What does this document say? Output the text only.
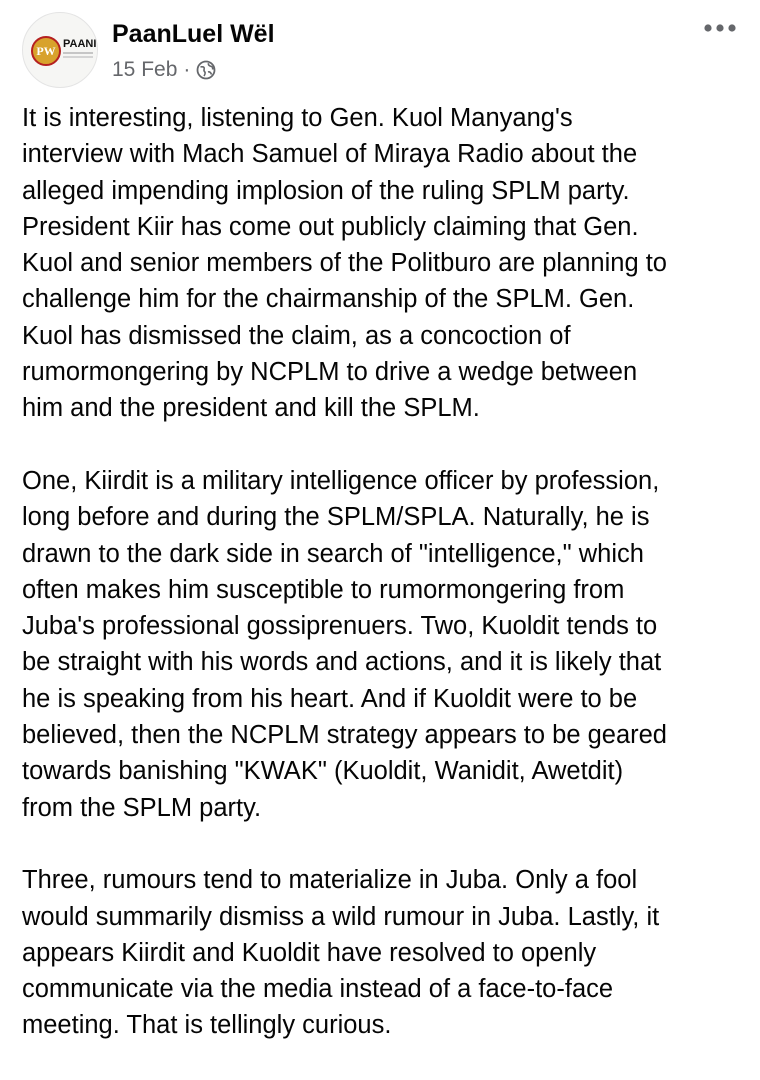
PW PAANI PaanLuel Wël
15 Feb ·
It is interesting, listening to Gen. Kuol Manyang's
interview with Mach Samuel of Miraya Radio about the
alleged impending implosion of the ruling SPLM party.
President Kiir has come out publicly claiming that Gen.
Kuol and senior members of the Politburo are planning to
challenge him for the chairmanship of the SPLM. Gen.
Kuol has dismissed the claim, as a concoction of
rumormongering by NCPLM to drive a wedge between
him and the president and kill the SPLM.
One, Kiirdit is a military intelligence officer by profession,
long before and during the SPLM/SPLA. Naturally, he is
drawn to the dark side in search of "intelligence," which
often makes him susceptible to rumormongering from
Juba's professional gossiprenuers. Two, Kuoldit tends to
be straight with his words and actions, and it is likely that
he is speaking from his heart. And if Kuoldit were to be
believed, then the NCPLM strategy appears to be geared
towards banishing "KWAK" (Kuoldit, Wanidit, Awetdit)
from the SPLM party.
Three, rumours tend to materialize in Juba. Only a fool
would summarily dismiss a wild rumour in Juba. Lastly, it
appears Kiirdit and Kuoldit have resolved to openly
communicate via the media instead of a face-to-face
meeting. That is tellingly curious.
